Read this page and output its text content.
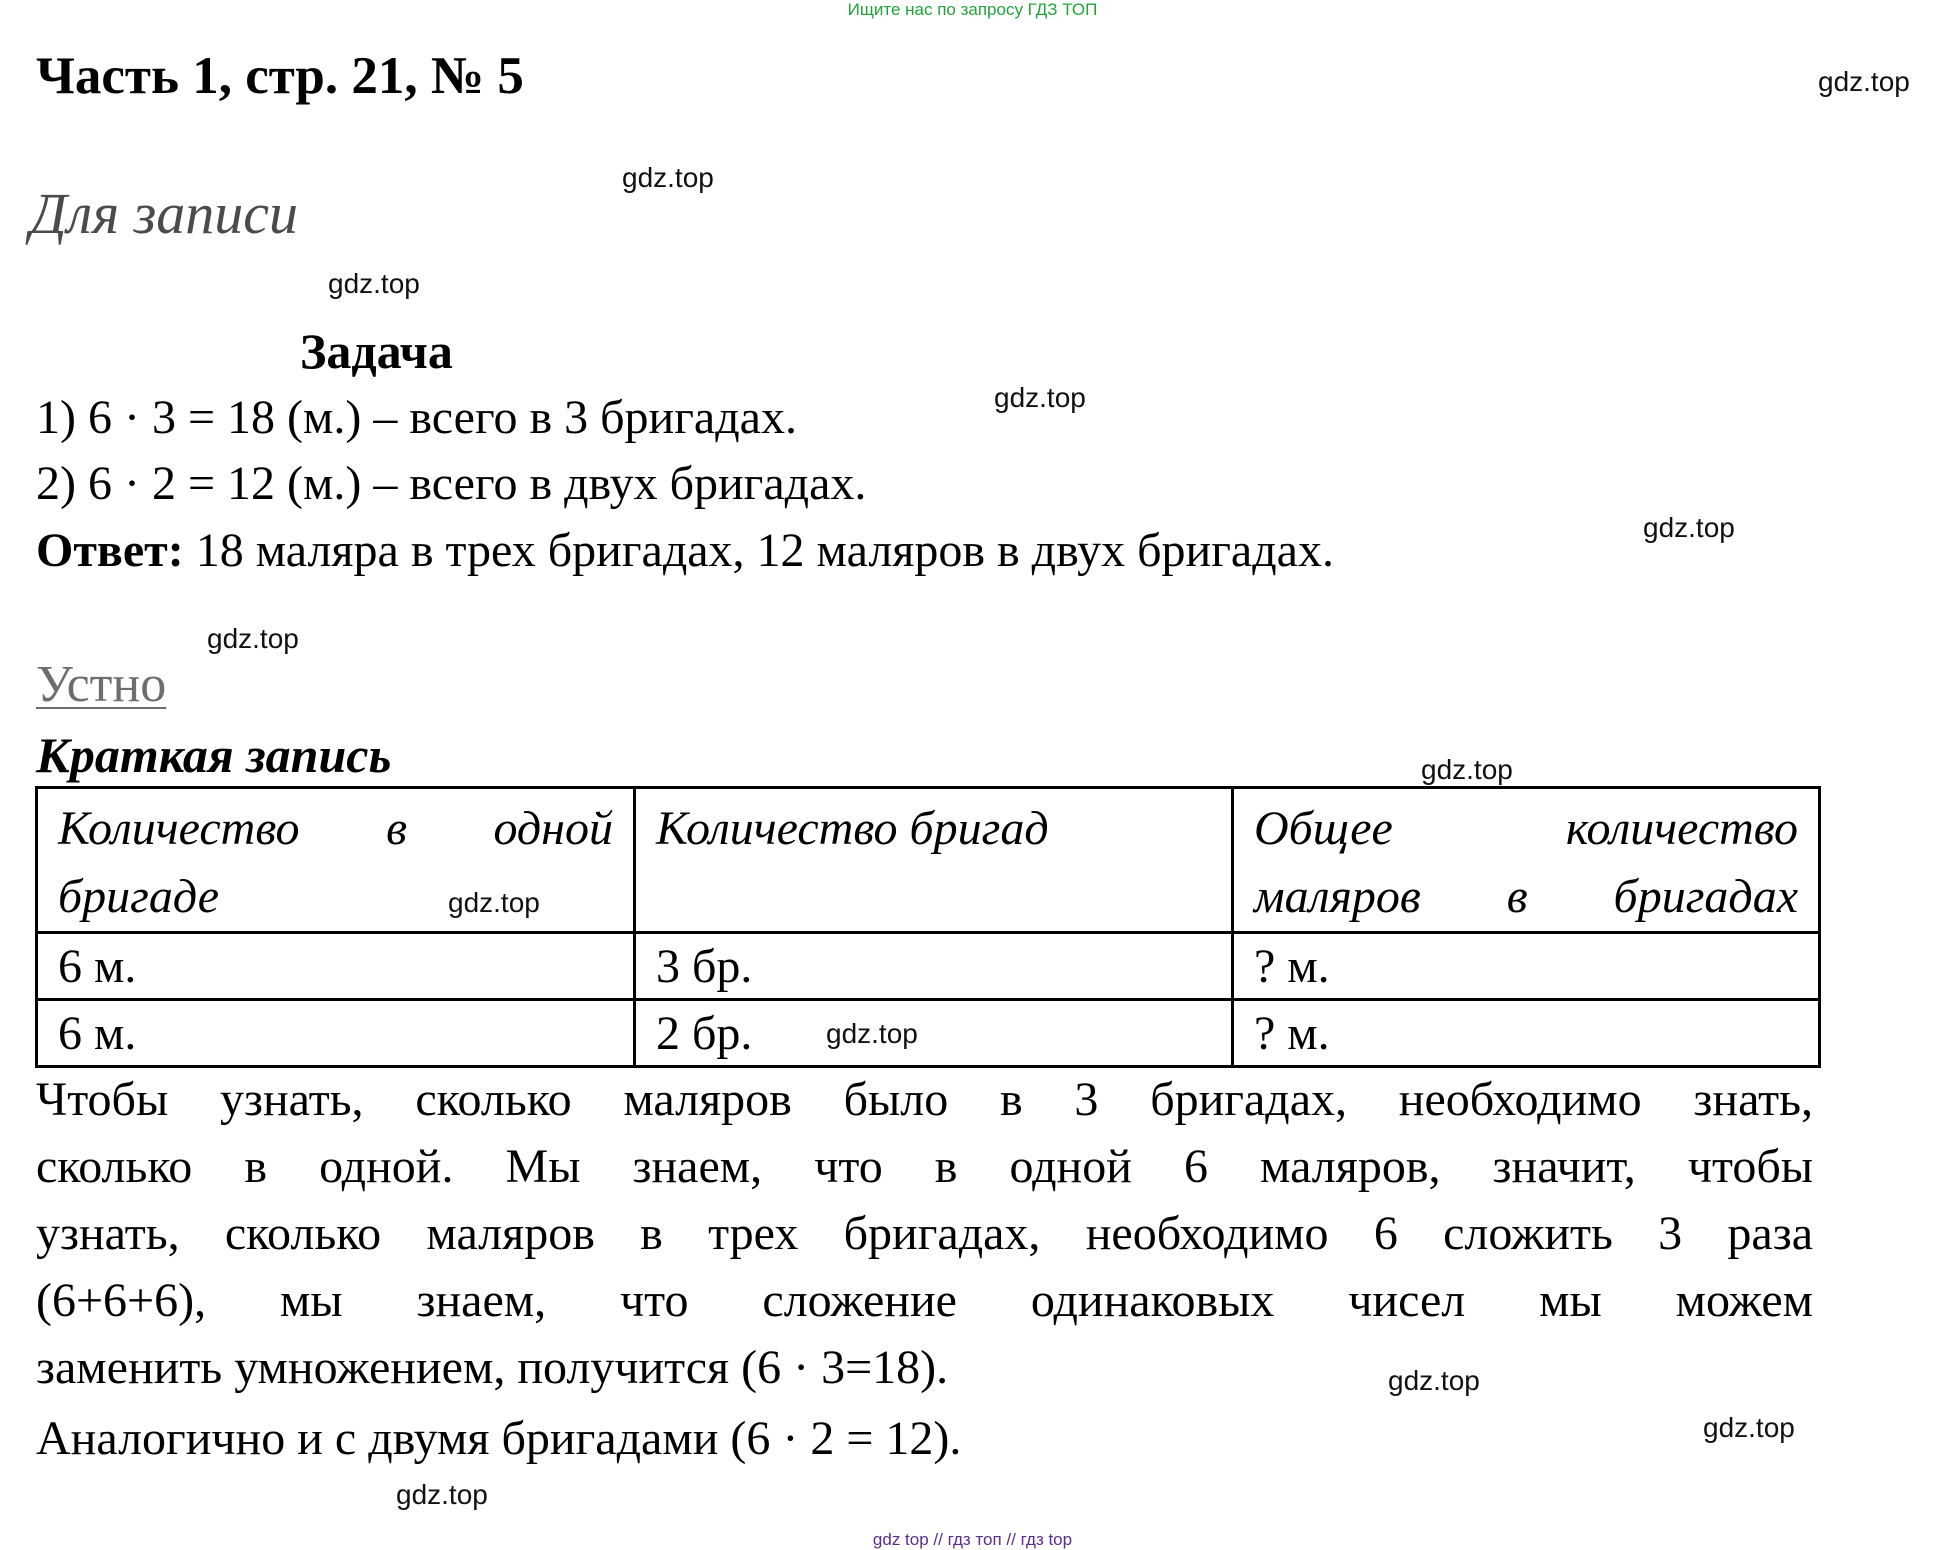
Ищите нас по запросу ГДЗ ТОП
Часть 1, стр. 21, № 5
Для записи
Задача
1) 6 · 3 = 18 (м.) – всего в 3 бригадах.
2) 6 · 2 = 12 (м.) – всего в двух бригадах.
Ответ: 18 маляра в трех бригадах, 12 маляров в двух бригадах.
Устно
Краткая запись
Количество в одной бригаде	Количество бригад	Общее количество маляров в бригадах

6 м.	3 бр.	? м.
6 м.	2 бр.	? м.
Чтобы узнать, сколько маляров было в 3 бригадах, необходимо знать,
сколько в одной. Мы знаем, что в одной 6 маляров, значит, чтобы
узнать, сколько маляров в трех бригадах, необходимо 6 сложить 3 раза
(6+6+6), мы знаем, что сложение одинаковых чисел мы можем
заменить умножением, получится (6 · 3=18).
Аналогично и с двумя бригадами (6 · 2 = 12).
gdz.top
gdz.top
gdz.top
gdz.top
gdz.top
gdz.top
gdz.top
gdz.top
gdz.top
gdz.top
gdz.top
gdz.top
gdz top // гдз топ // гдз top
